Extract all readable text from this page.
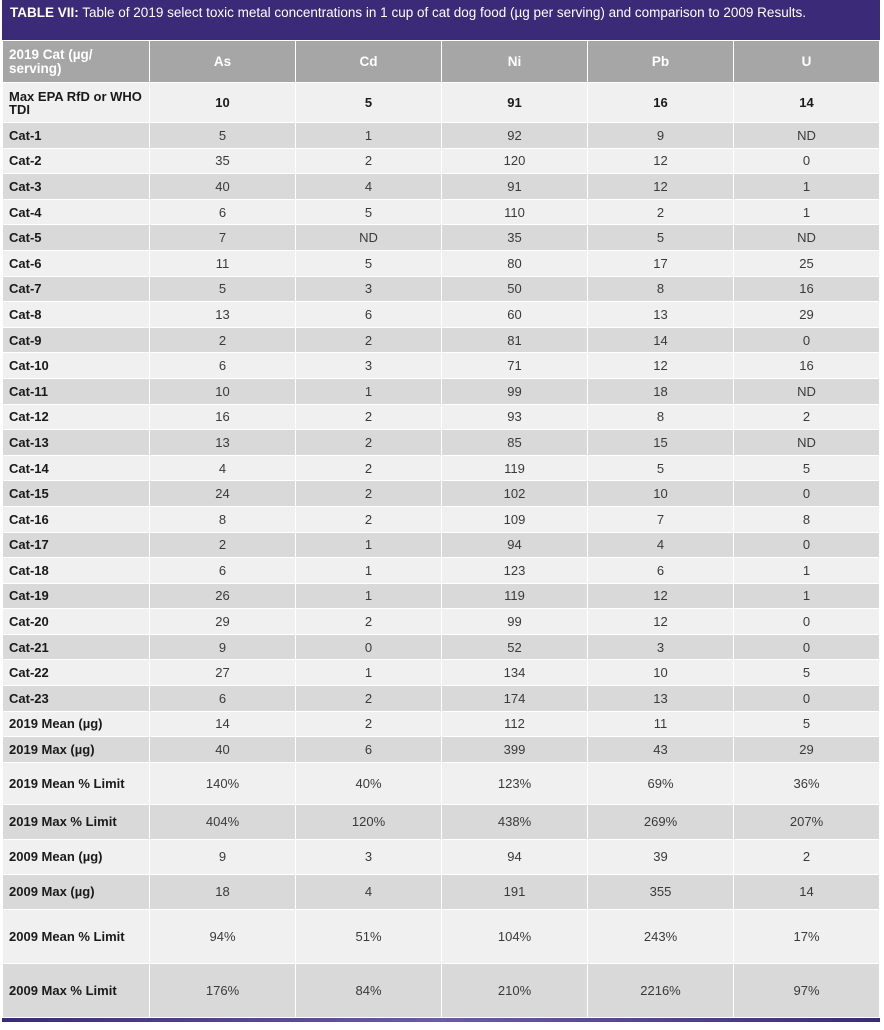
TABLE VII: Table of 2019 select toxic metal concentrations in 1 cup of cat dog food (µg per serving) and comparison to 2009 Results.
2019 Cat (µg/ serving)	As	Cd	Ni	Pb	U
Max EPA RfD or WHO TDI	10	5	91	16	14
Cat-1	5	1	92	9	ND
Cat-2	35	2	120	12	0
Cat-3	40	4	91	12	1
Cat-4	6	5	110	2	1
Cat-5	7	ND	35	5	ND
Cat-6	11	5	80	17	25
Cat-7	5	3	50	8	16
Cat-8	13	6	60	13	29
Cat-9	2	2	81	14	0
Cat-10	6	3	71	12	16
Cat-11	10	1	99	18	ND
Cat-12	16	2	93	8	2
Cat-13	13	2	85	15	ND
Cat-14	4	2	119	5	5
Cat-15	24	2	102	10	0
Cat-16	8	2	109	7	8
Cat-17	2	1	94	4	0
Cat-18	6	1	123	6	1
Cat-19	26	1	119	12	1
Cat-20	29	2	99	12	0
Cat-21	9	0	52	3	0
Cat-22	27	1	134	10	5
Cat-23	6	2	174	13	0
2019 Mean (µg)	14	2	112	11	5
2019 Max (µg)	40	6	399	43	29
2019 Mean % Limit	140%	40%	123%	69%	36%
2019 Max % Limit	404%	120%	438%	269%	207%
2009 Mean (µg)	9	3	94	39	2
2009 Max (µg)	18	4	191	355	14
2009 Mean % Limit	94%	51%	104%	243%	17%
2009 Max % Limit	176%	84%	210%	2216%	97%
